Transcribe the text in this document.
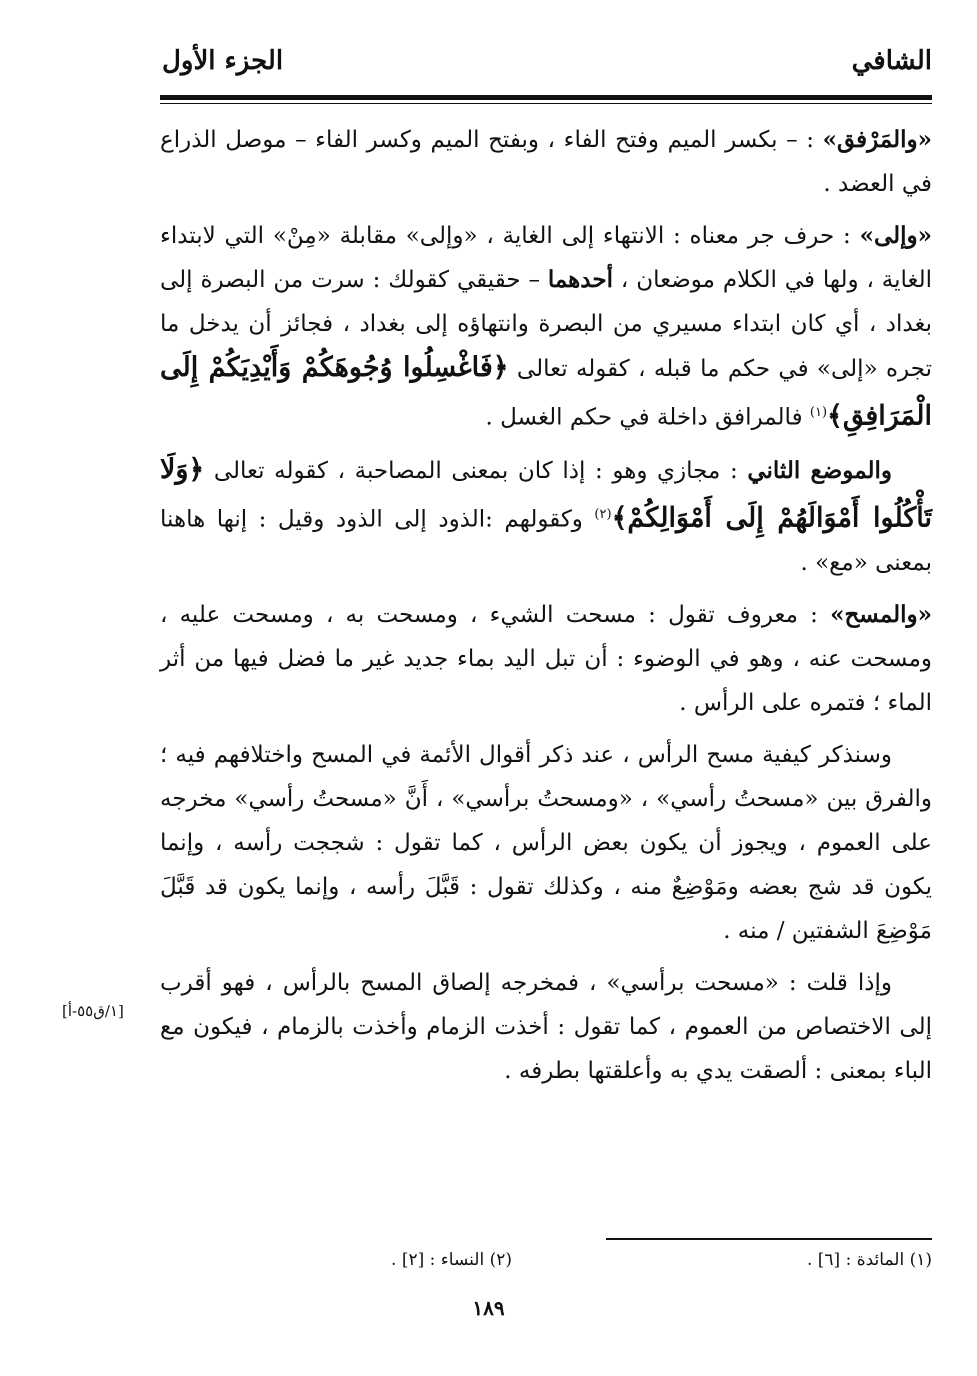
الشافي
الجزء الأول

«والمَرْفق» : – بكسر الميم وفتح الفاء ، وبفتح الميم وكسر الفاء – موصل الذراع في العضد .

«وإلى» : حرف جر معناه : الانتهاء إلى الغاية ، «وإلى» مقابلة «مِنْ» التي لابتداء الغاية ، ولها في الكلام موضعان ، أحدهما – حقيقي كقولك : سرت من البصرة إلى بغداد ، أي كان ابتداء مسيري من البصرة وانتهاؤه إلى بغداد ، فجائز أن يدخل ما تجره «إلى» في حكم ما قبله ، كقوله تعالى ﴿فَاغْسِلُوا وُجُوهَكُمْ وَأَيْدِيَكُمْ إِلَى الْمَرَافِقِ﴾$^{(١)}$ فالمرافق داخلة في حكم الغسل .

والموضع الثاني : مجازي وهو : إذا كان بمعنى المصاحبة ، كقوله تعالى ﴿وَلَا تَأْكُلُوا أَمْوَالَهُمْ إِلَى أَمْوَالِكُمْ﴾$^{(٢)}$ وكقولهم :الذود إلى الذود وقيل : إنها هاهنا بمعنى «مع» .

«والمسح» : معروف تقول : مسحت الشيء ، ومسحت به ، ومسحت عليه ، ومسحت عنه ، وهو في الوضوء : أن تبل اليد بماء جديد غير ما فضل فيها من أثر الماء ؛ فتمره على الرأس .

وسنذكر كيفية مسح الرأس ، عند ذكر أقوال الأئمة في المسح واختلافهم فيه ؛ والفرق بين «مسحتُ رأسي» ، «ومسحتُ برأسي» ، أَنَّ «مسحتُ رأسي» مخرجه على العموم ، ويجوز أن يكون بعض الرأس ، كما تقول : شججت رأسه ، وإنما يكون قد شج بعضه ومَوْضِعٌ منه ، وكذلك تقول : قَبَّلَ رأسه ، وإنما يكون قد قَبَّلَ مَوْضِعَ الشفتين / منه .

وإذا قلت : «مسحت برأسي» ، فمخرجه إلصاق المسح بالرأس ، فهو أقرب إلى الاختصاص من العموم ، كما تقول : أخذت الزمام وأخذت بالزمام ، فيكون مع الباء بمعنى : ألصقت يدي به وأعلقتها بطرفه .

[١/ق٥٥-أ]
(١) المائدة : [٦] .
(٢) النساء : [٢] .
١٨٩
